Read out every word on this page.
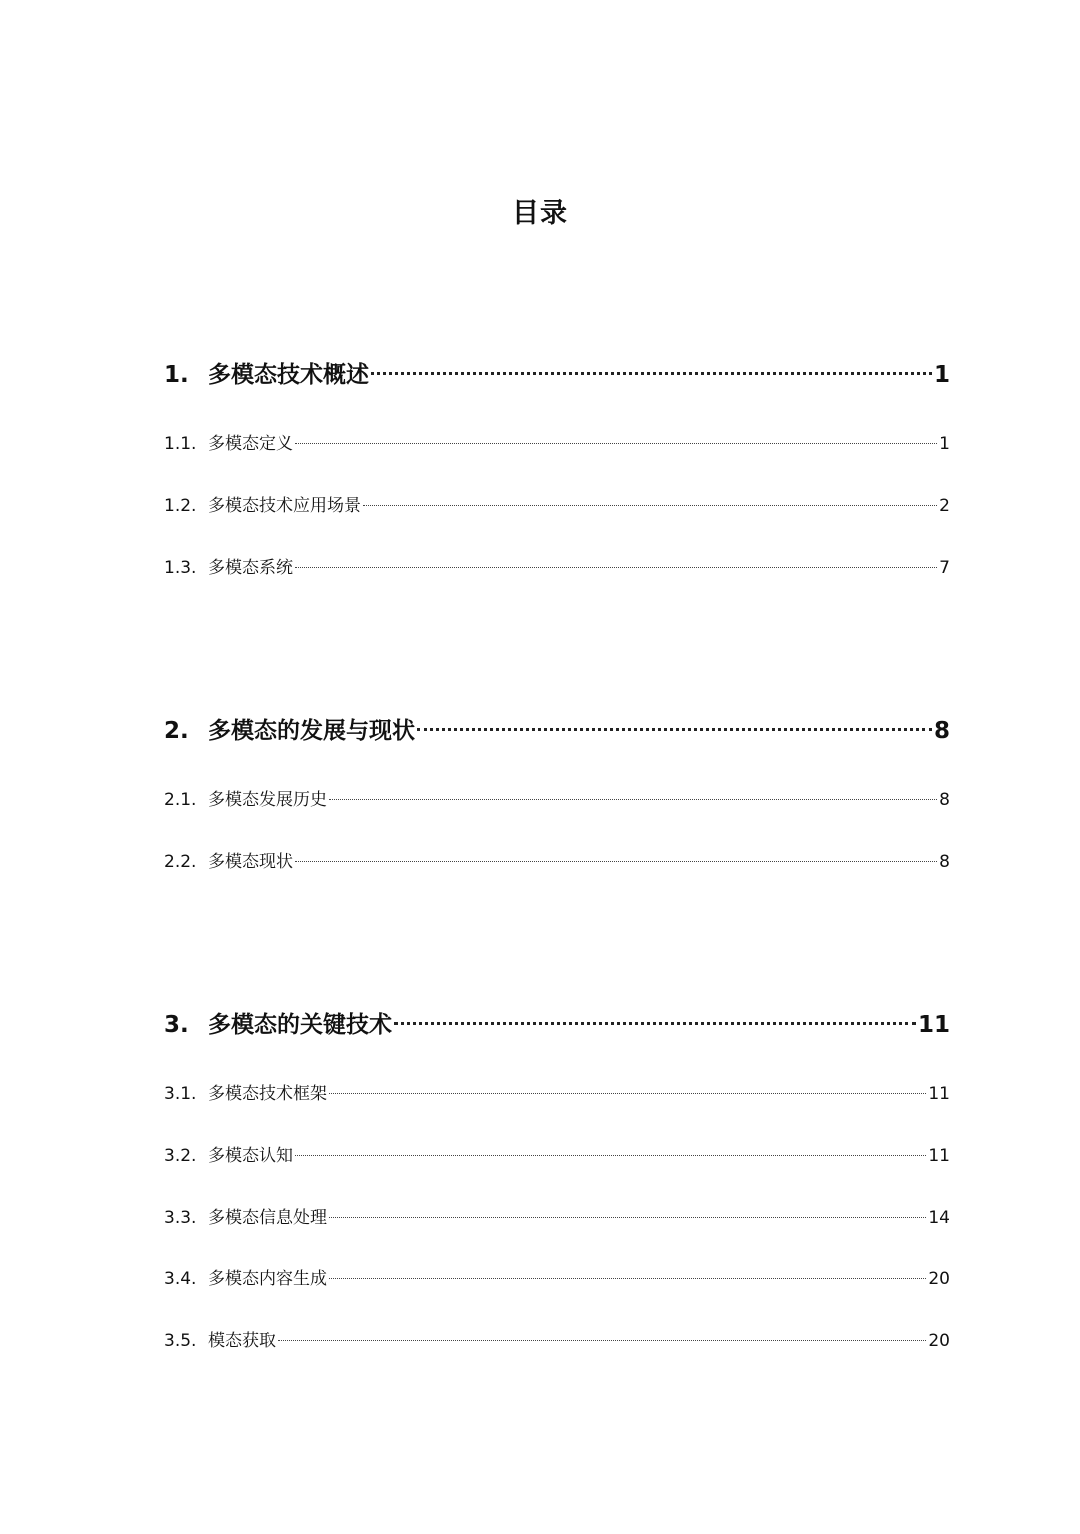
目录
1. 多模态技术概述	1
1.1. 多模态定义	1
1.2. 多模态技术应用场景	2
1.3. 多模态系统	7
2. 多模态的发展与现状	8
2.1. 多模态发展历史	8
2.2. 多模态现状	8
3. 多模态的关键技术	11
3.1. 多模态技术框架	11
3.2. 多模态认知	11
3.3. 多模态信息处理	14
3.4. 多模态内容生成	20
3.5. 模态获取	20
